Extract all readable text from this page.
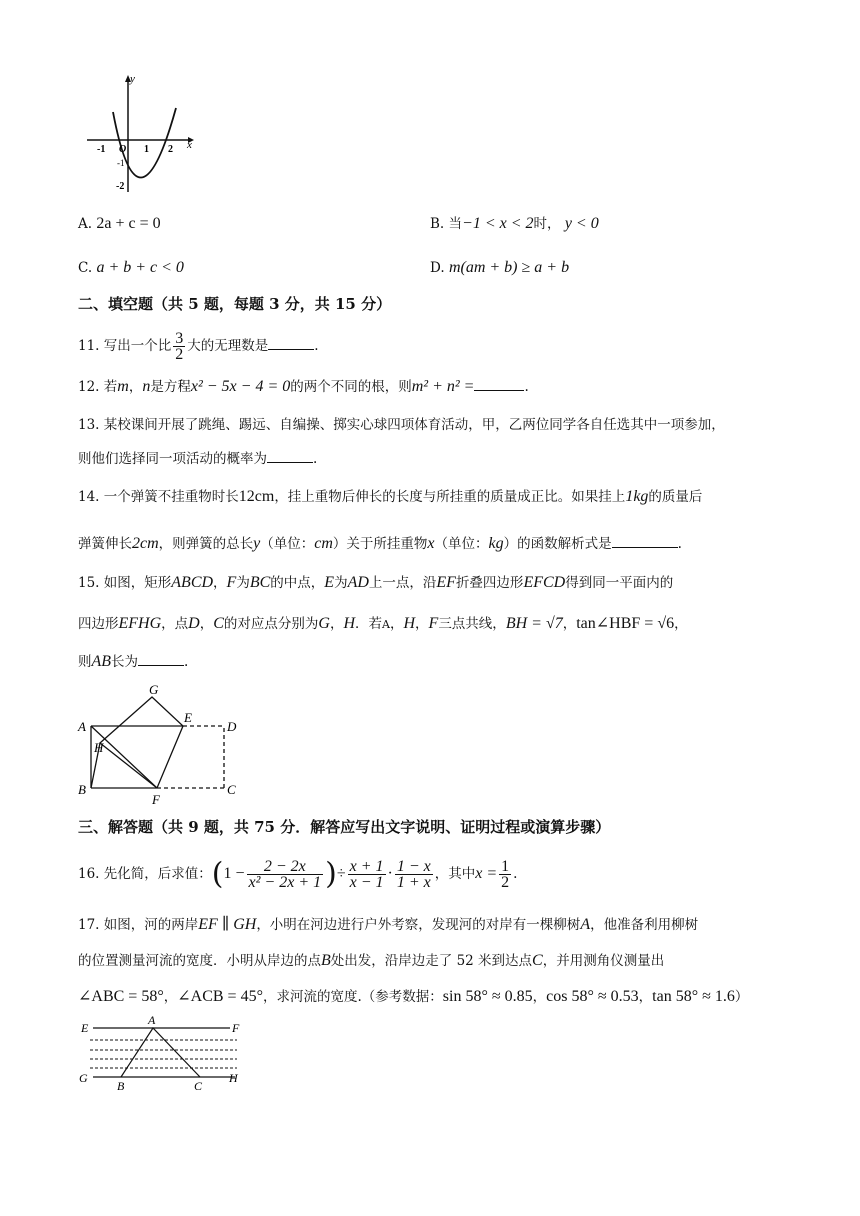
y
x
-1 O 1 2
-1
-2
A. 2a + c = 0	B. 当−1 < x < 2时， y < 0
C. a + b + c < 0	D. m(am + b) ≥ a + b
二、填空题（共 5 题，每题 3 分，共 15 分）
11. 写出一个比 $\frac{3}{2}$ 大的无理数是	.
12. 若m，n是方程x² − 5x − 4 = 0的两个不同的根，则m² + n² =	.
13. 某校课间开展了跳绳、踢远、自编操、掷实心球四项体育活动，甲，乙两位同学各自任选其中一项参加，
则他们选择同一项活动的概率为	.
14. 一个弹簧不挂重物时长12cm，挂上重物后伸长的长度与所挂重的质量成正比。如果挂上1kg的质量后
弹簧伸长2cm，则弹簧的总长y（单位：cm）关于所挂重物x（单位：kg）的函数解析式是	.
15. 如图，矩形ABCD，F为BC的中点，E为AD上一点，沿EF折叠四边形EFCD得到同一平面内的
四边形EFHG，点D，C的对应点分别为G，H．若A，H，F三点共线，BH = √7，tan∠HBF = √6，
则AB长为	.
G
E
A	D
H
B
F
C
三、解答题（共 9 题，共 75 分．解答应写出文字说明、证明过程或演算步骤）
16. 先化简，后求值：($1 - \frac{2 - 2x}{\text{x² − 2x + 1}}$ )÷ $\frac{x + 1}{x - 1} \cdot \frac{1 - x}{1 + x}$ ，其中$x = \frac{1}{2}$ .
17. 如图，河的两岸EF ∥ GH，小明在河边进行户外考察，发现河的对岸有一棵柳树A，他准备利用柳树
的位置测量河流的宽度．小明从岸边的点B处出发，沿岸边走了 52 米到达点C，并用测角仪测量出
∠ABC = 58°，∠ACB = 45°，求河流的宽度.（参考数据：sin 58° ≈ 0.85，cos 58° ≈ 0.53，tan 58° ≈ 1.6）
E
A
F
G
B	C
H
